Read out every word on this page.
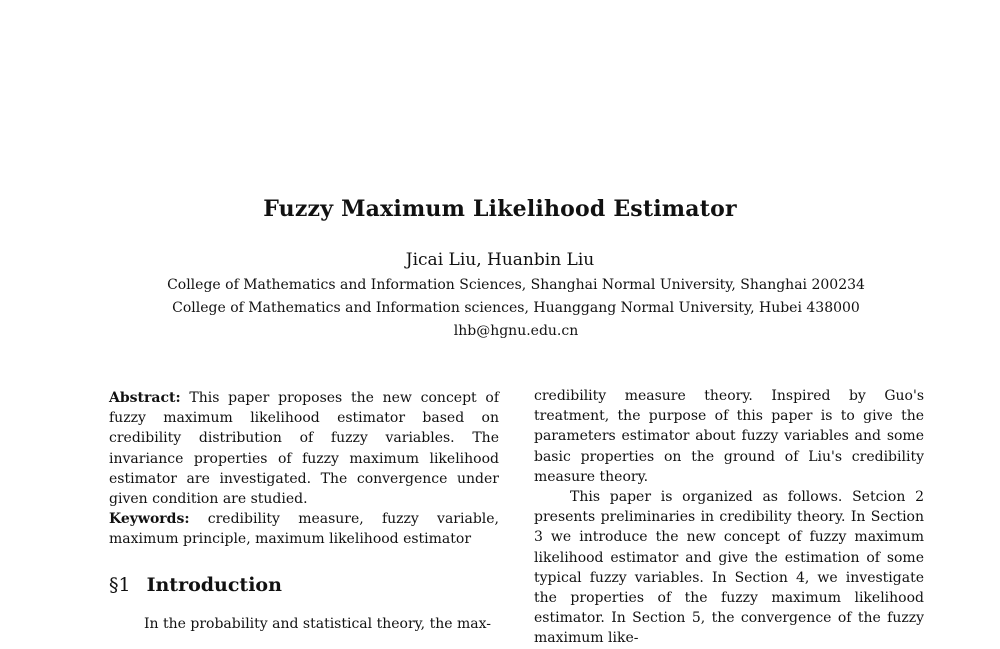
Fuzzy Maximum Likelihood Estimator
Jicai Liu, Huanbin Liu
College of Mathematics and Information Sciences, Shanghai Normal University, Shanghai 200234
College of Mathematics and Information sciences, Huanggang Normal University, Hubei 438000
lhb@hgnu.edu.cn

Abstract: This paper proposes the new concept of fuzzy maximum likelihood estimator based on credibility distribution of fuzzy variables. The invariance properties of fuzzy maximum likelihood estimator are investigated. The convergence under given condition are studied.

Keywords: credibility measure, fuzzy variable, maximum principle, maximum likelihood estimator

§1 Introduction
In the probability and statistical theory, the max-

credibility measure theory. Inspired by Guo's treatment, the purpose of this paper is to give the parameters estimator about fuzzy variables and some basic properties on the ground of Liu's credibility measure theory.

This paper is organized as follows. Setcion 2 presents preliminaries in credibility theory. In Section 3 we introduce the new concept of fuzzy maximum likelihood estimator and give the estimation of some typical fuzzy variables. In Section 4, we investigate the properties of the fuzzy maximum likelihood estimator. In Section 5, the convergence of the fuzzy maximum like-
